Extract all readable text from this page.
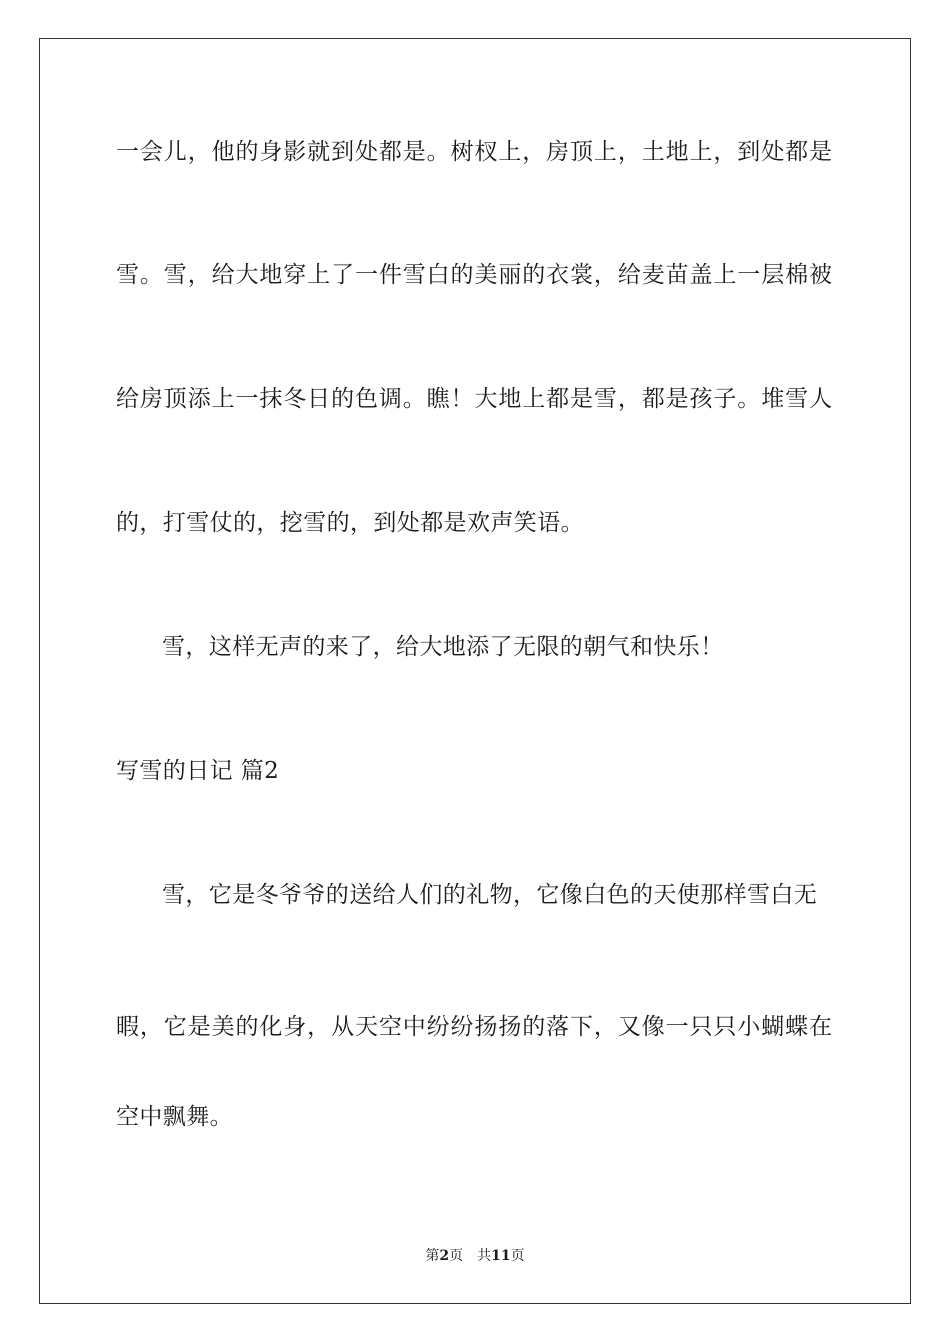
一会儿，他的身影就到处都是。树杈上，房顶上，土地上，到处都是
雪。雪，给大地穿上了一件雪白的美丽的衣裳，给麦苗盖上一层棉被
给房顶添上一抹冬日的色调。瞧！大地上都是雪，都是孩子。堆雪人
的，打雪仗的，挖雪的，到处都是欢声笑语。
雪，这样无声的来了，给大地添了无限的朝气和快乐！
写雪的日记 篇2
雪，它是冬爷爷的送给人们的礼物，它像白色的天使那样雪白无
暇，它是美的化身，从天空中纷纷扬扬的落下，又像一只只小蝴蝶在
空中飘舞。
第2页 共11页
